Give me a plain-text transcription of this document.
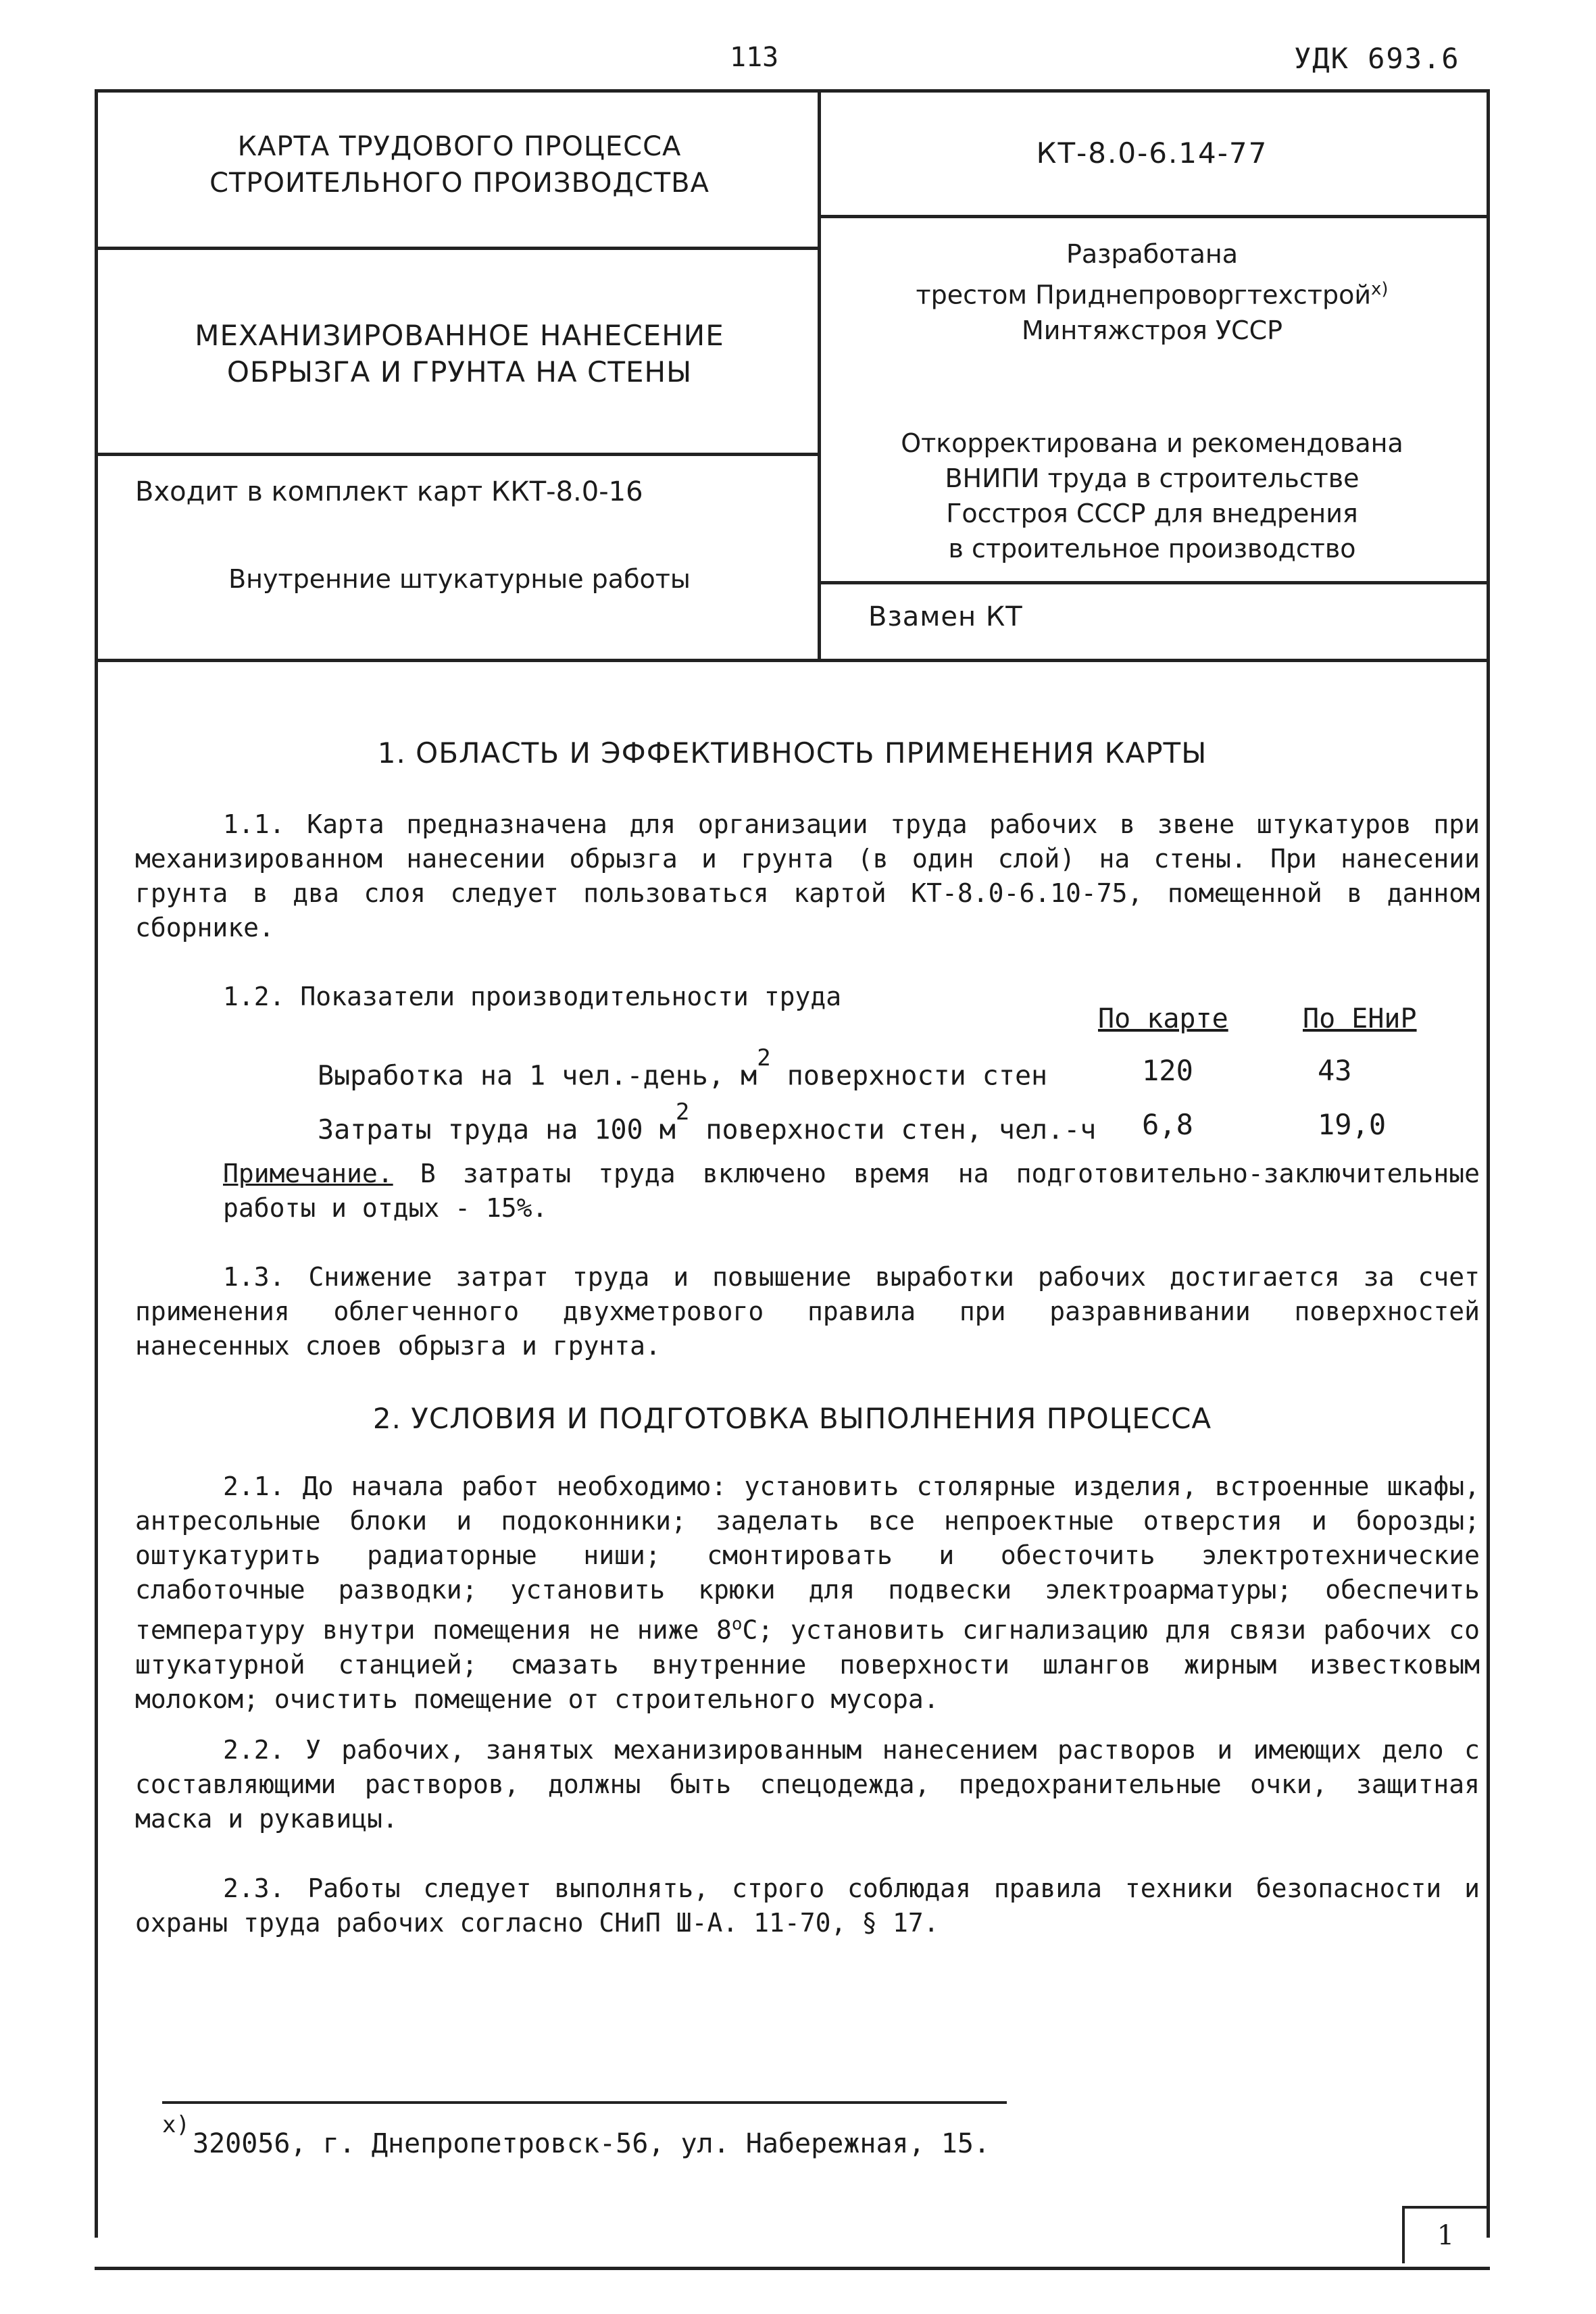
113	УДК 693.6
КАРТА ТРУДОВОГО ПРОЦЕССА
СТРОИТЕЛЬНОГО ПРОИЗВОДСТВА
КТ-8.0-6.14-77
МЕХАНИЗИРОВАННОЕ НАНЕСЕНИЕ
ОБРЫЗГА И ГРУНТА НА СТЕНЫ
Разработана
трестом Приднепроворгтехстрой$^{x)}$
Минтяжстроя УССР
Откорректирована и рекомендована
ВНИПИ труда в строительстве
Госстроя СССР для внедрения
в строительное производство
Входит в комплект карт ККТ-8.0-16
Внутренние штукатурные работы
Взамен КТ
1. ОБЛАСТЬ И ЭФФЕКТИВНОСТЬ ПРИМЕНЕНИЯ КАРТЫ
1.1. Карта предназначена для организации труда рабочих в звене штукатуров при механизированном нанесении обрызга и грунта (в один слой) на стены. При нанесении грунта в два слоя следует пользоваться картой КТ-8.0-6.10-75, помещенной в данном сборнике.
1.2. Показатели производительности труда
По карте	По ЕНиР
Выработка на 1 чел.-день, $м^2$ поверхности стен	120	43
Затраты труда на 100 $м^2$ поверхности стен, чел.-ч 6,8	19,0
Примечание. В затраты труда включено время на подготовительно-заключительные работы и отдых - 15%.
1.3. Снижение затрат труда и повышение выработки рабочих достигается за счет применения облегченного двухметрового правила при разравнивании поверхностей нанесенных слоев обрызга и грунта.
2. УСЛОВИЯ И ПОДГОТОВКА ВЫПОЛНЕНИЯ ПРОЦЕССА
2.1. До начала работ необходимо: установить столярные изделия, встроенные шкафы, антресольные блоки и подоконники; заделать все непроектные отверстия и борозды; оштукатурить радиаторные ниши; смонтировать и обесточить электротехнические слаботочные разводки; установить крюки для подвески электроарматуры; обеспечить температуру внутри помещения не ниже $8^оС$; установить сигнализацию для связи рабочих со штукатурной станцией; смазать внутренние поверхности шлангов жирным известковым молоком; очистить помещение от строительного мусора.
2.2. У рабочих, занятых механизированным нанесением растворов и имеющих дело с составляющими растворов, должны быть спецодежда, предохранительные очки, защитная маска и рукавицы.
2.3. Работы следует выполнять, строго соблюдая правила техники безопасности и охраны труда рабочих согласно СНиП Ш-А. 11-70, § 17.
x)
320056, г. Днепропетровск-56, ул. Набережная, 15.
1
